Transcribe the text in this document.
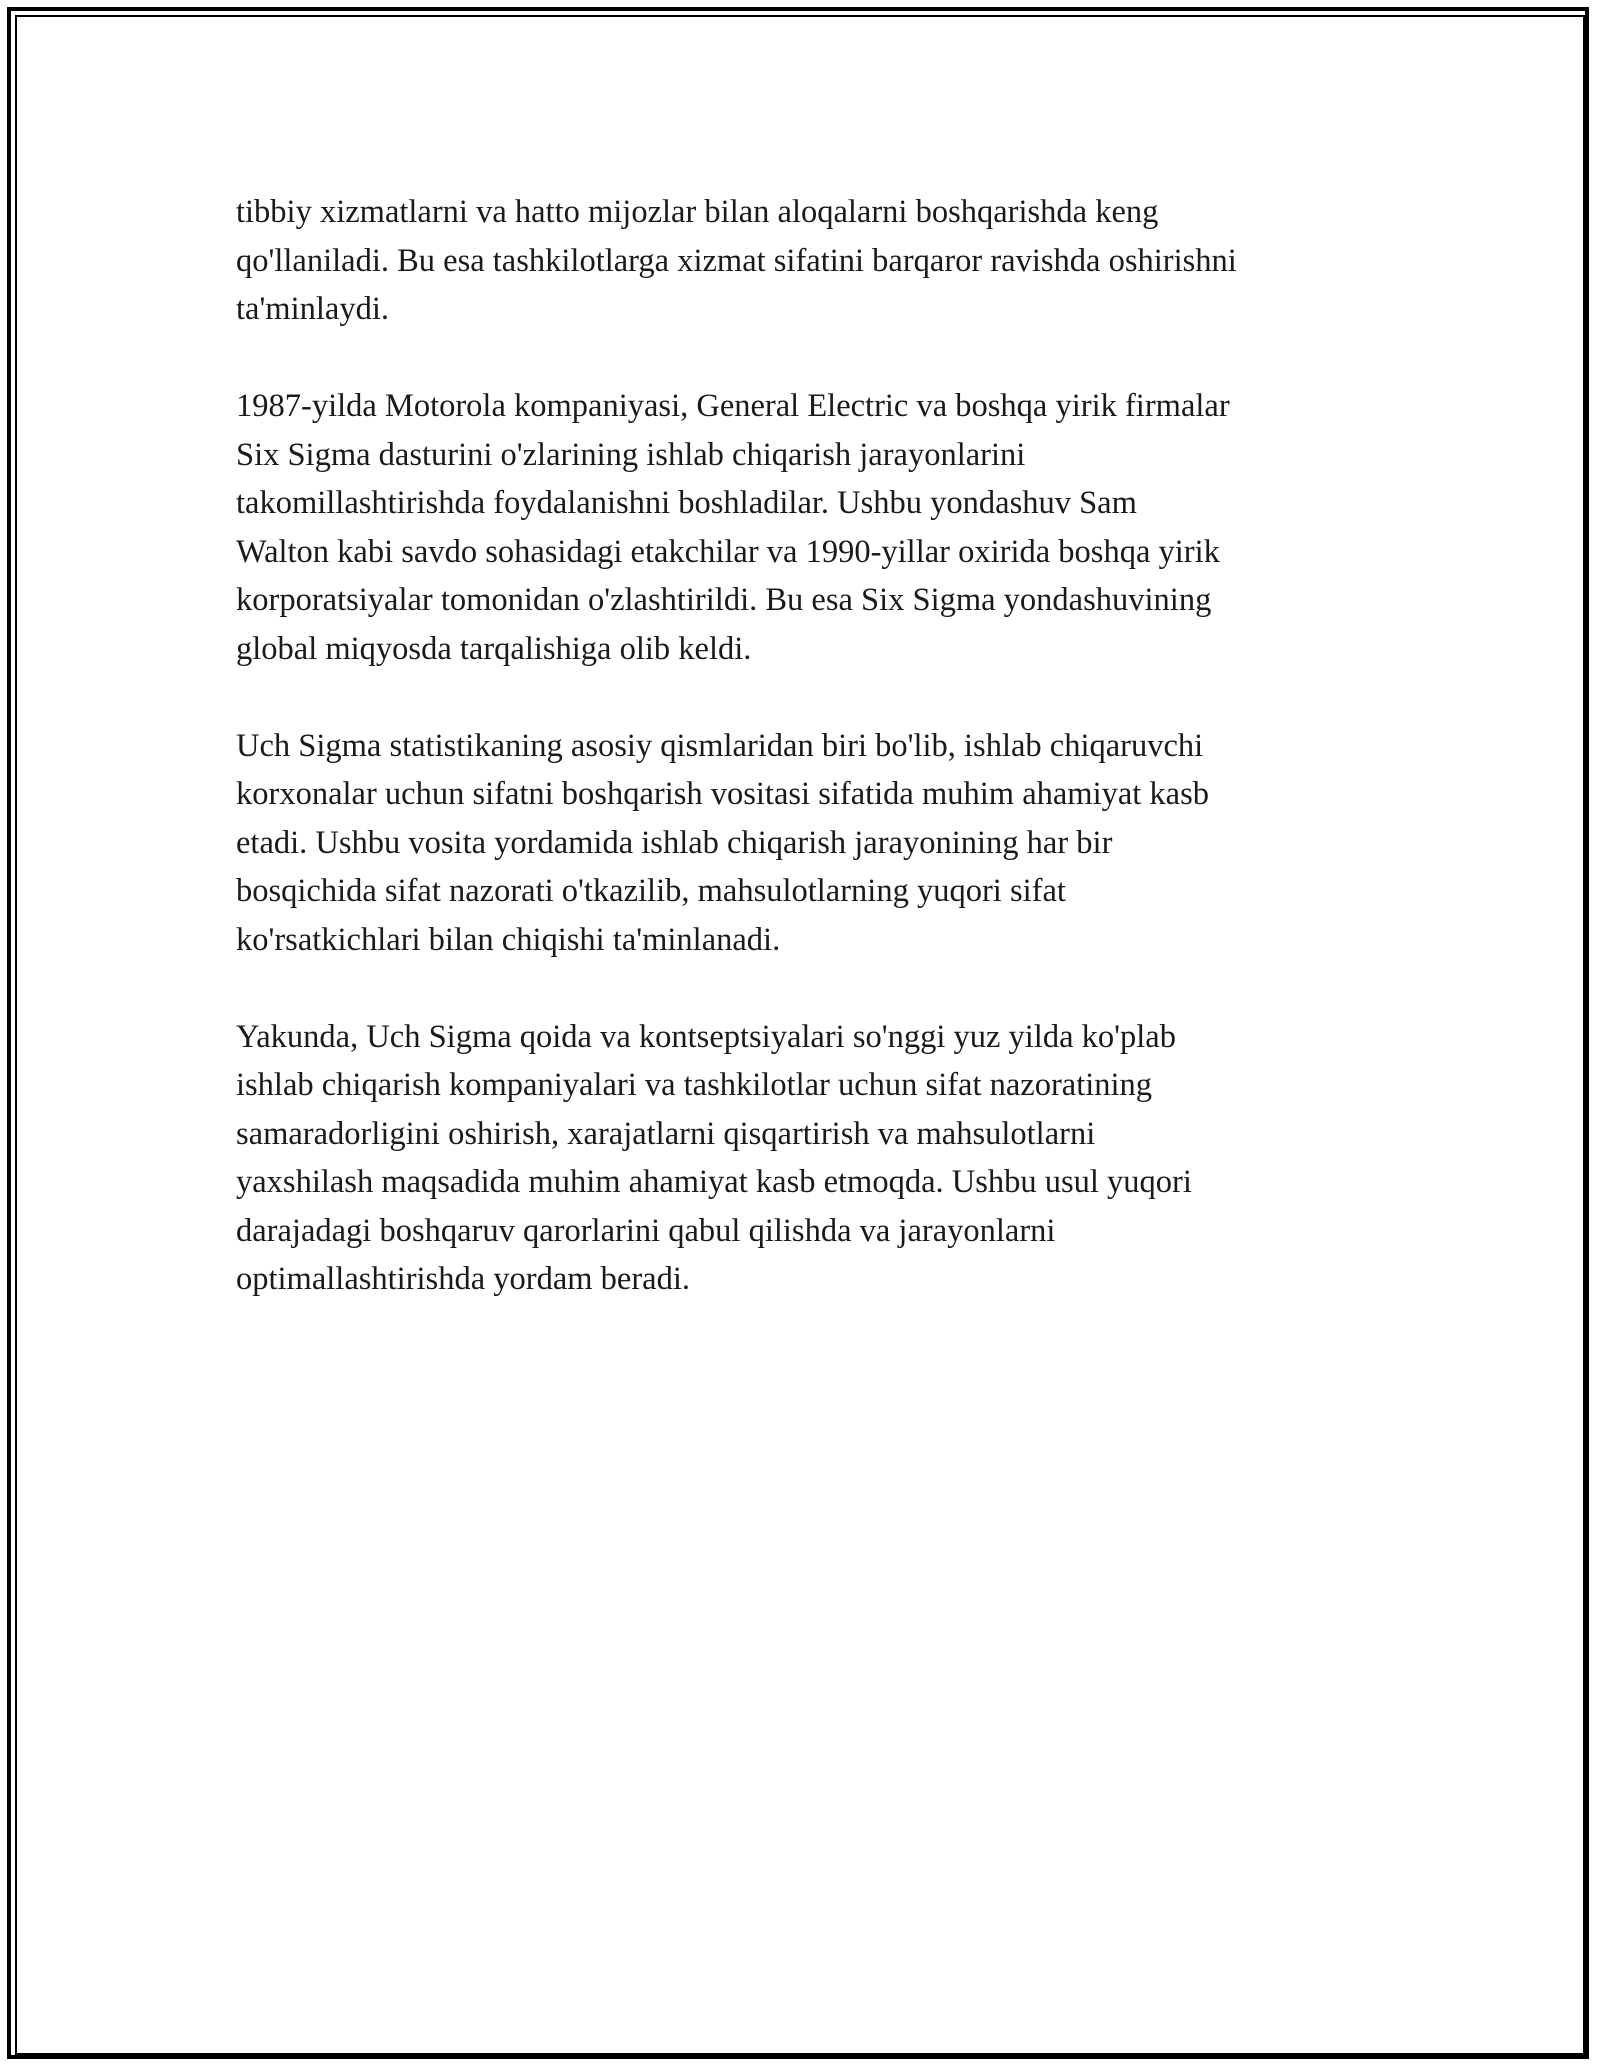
tibbiy xizmatlarni va hatto mijozlar bilan aloqalarni boshqarishda keng
qo'llaniladi. Bu esa tashkilotlarga xizmat sifatini barqaror ravishda oshirishni
ta'minlaydi.

1987-yilda Motorola kompaniyasi, General Electric va boshqa yirik firmalar
Six Sigma dasturini o'zlarining ishlab chiqarish jarayonlarini
takomillashtirishda foydalanishni boshladilar. Ushbu yondashuv Sam
Walton kabi savdo sohasidagi etakchilar va 1990-yillar oxirida boshqa yirik
korporatsiyalar tomonidan o'zlashtirildi. Bu esa Six Sigma yondashuvining
global miqyosda tarqalishiga olib keldi.

Uch Sigma statistikaning asosiy qismlaridan biri bo'lib, ishlab chiqaruvchi
korxonalar uchun sifatni boshqarish vositasi sifatida muhim ahamiyat kasb
etadi. Ushbu vosita yordamida ishlab chiqarish jarayonining har bir
bosqichida sifat nazorati o'tkazilib, mahsulotlarning yuqori sifat
ko'rsatkichlari bilan chiqishi ta'minlanadi.

Yakunda, Uch Sigma qoida va kontseptsiyalari so'nggi yuz yilda ko'plab
ishlab chiqarish kompaniyalari va tashkilotlar uchun sifat nazoratining
samaradorligini oshirish, xarajatlarni qisqartirish va mahsulotlarni
yaxshilash maqsadida muhim ahamiyat kasb etmoqda. Ushbu usul yuqori
darajadagi boshqaruv qarorlarini qabul qilishda va jarayonlarni
optimallashtirishda yordam beradi.
